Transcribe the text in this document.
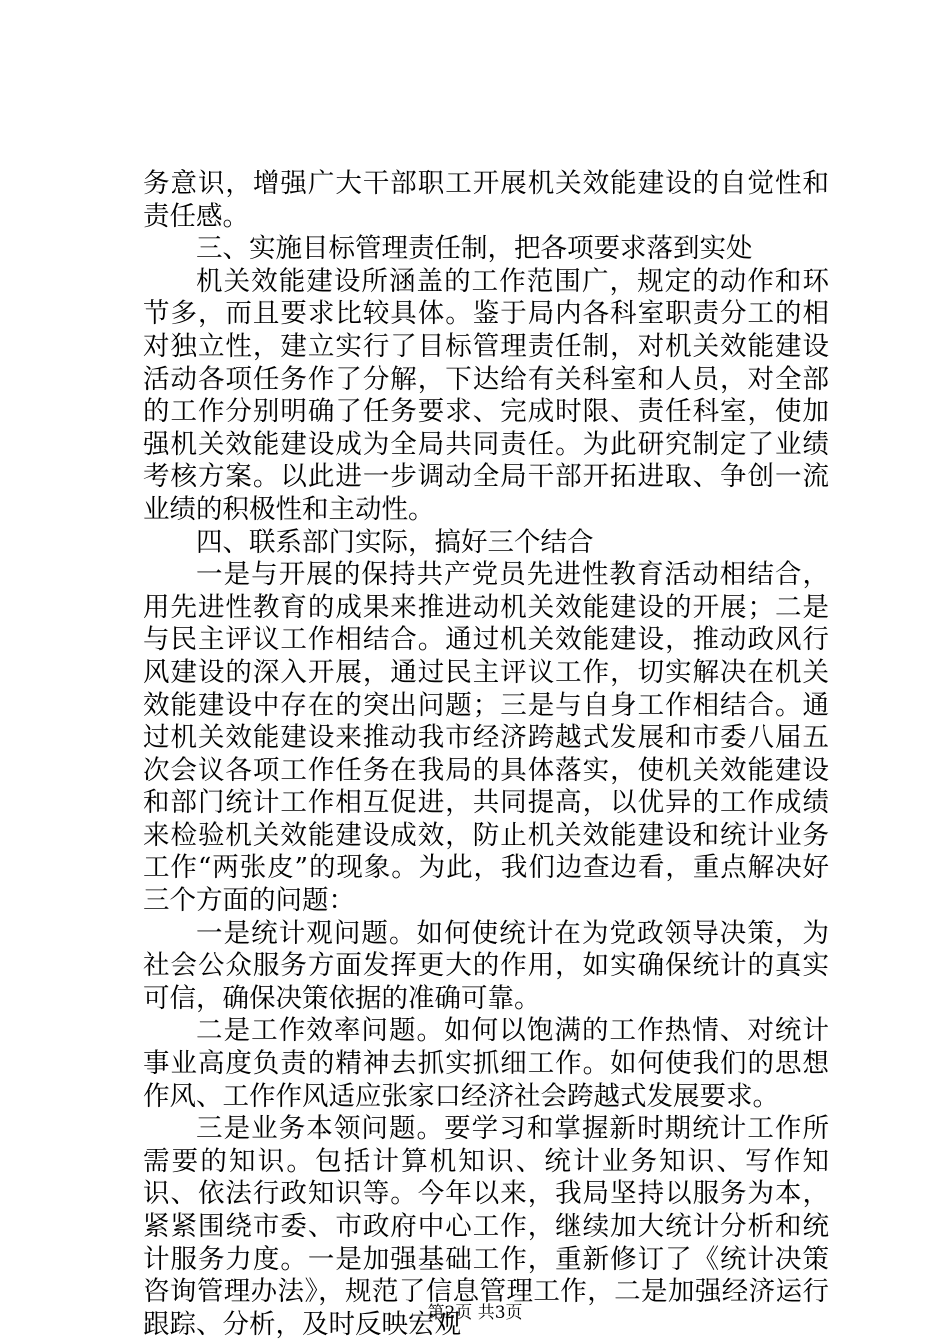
务意识，增强广大干部职工开展机关效能建设的自觉性和责任感。

三、实施目标管理责任制，把各项要求落到实处

机关效能建设所涵盖的工作范围广，规定的动作和环节多，而且要求比较具体。鉴于局内各科室职责分工的相对独立性，建立实行了目标管理责任制，对机关效能建设活动各项任务作了分解，下达给有关科室和人员，对全部的工作分别明确了任务要求、完成时限、责任科室，使加强机关效能建设成为全局共同责任。为此研究制定了业绩考核方案。以此进一步调动全局干部开拓进取、争创一流业绩的积极性和主动性。

四、联系部门实际，搞好三个结合

一是与开展的保持共产党员先进性教育活动相结合，用先进性教育的成果来推进动机关效能建设的开展；二是与民主评议工作相结合。通过机关效能建设，推动政风行风建设的深入开展，通过民主评议工作，切实解决在机关效能建设中存在的突出问题；三是与自身工作相结合。通过机关效能建设来推动我市经济跨越式发展和市委八届五次会议各项工作任务在我局的具体落实，使机关效能建设和部门统计工作相互促进，共同提高，以优异的工作成绩来检验机关效能建设成效，防止机关效能建设和统计业务工作“两张皮”的现象。为此，我们边查边看，重点解决好三个方面的问题：

一是统计观问题。如何使统计在为党政领导决策，为社会公众服务方面发挥更大的作用，如实确保统计的真实可信，确保决策依据的准确可靠。

二是工作效率问题。如何以饱满的工作热情、对统计事业高度负责的精神去抓实抓细工作。如何使我们的思想作风、工作作风适应张家口经济社会跨越式发展要求。

三是业务本领问题。要学习和掌握新时期统计工作所需要的知识。包括计算机知识、统计业务知识、写作知识、依法行政知识等。今年以来，我局坚持以服务为本，紧紧围绕市委、市政府中心工作，继续加大统计分析和统计服务力度。一是加强基础工作，重新修订了《统计决策咨询管理办法》，规范了信息管理工作，二是加强经济运行跟踪、分析，及时反映宏观

第2页 共3页
